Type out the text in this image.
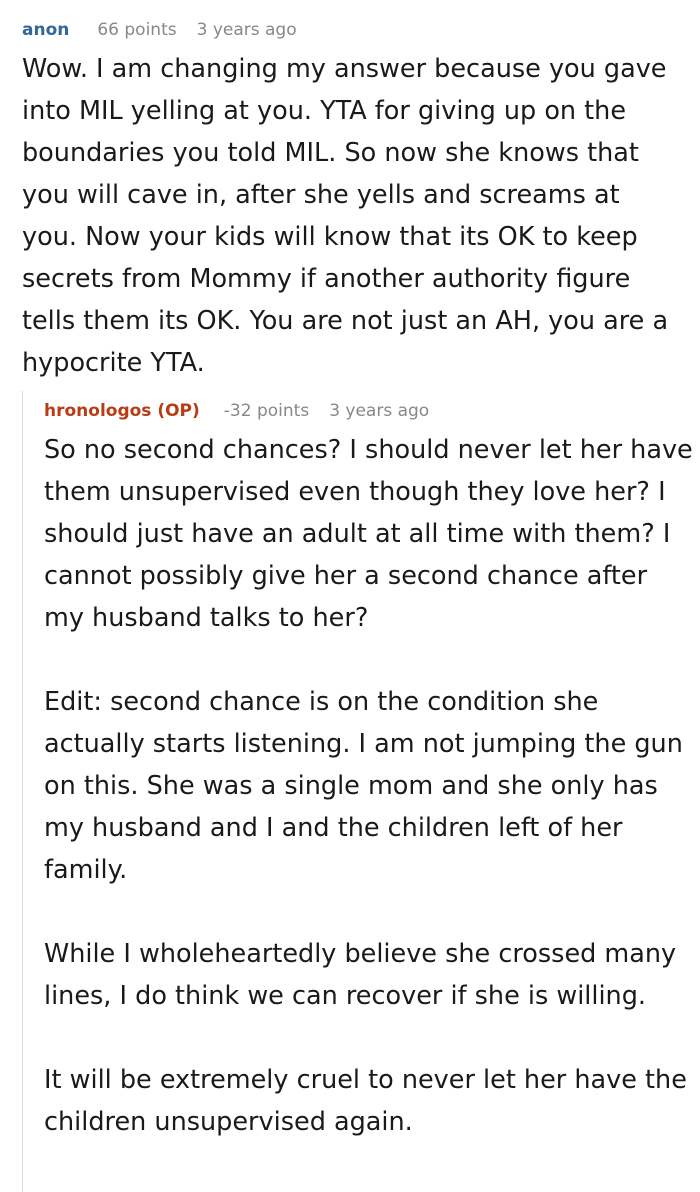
anon 66 points 3 years ago

Wow. I am changing my answer because you gave into MIL yelling at you. YTA for giving up on the boundaries you told MIL. So now she knows that you will cave in, after she yells and screams at you. Now your kids will know that its OK to keep secrets from Mommy if another authority figure tells them its OK. You are not just an AH, you are a hypocrite YTA.

hronologos (OP) -32 points 3 years ago

So no second chances? I should never let her have them unsupervised even though they love her? I should just have an adult at all time with them? I cannot possibly give her a second chance after my husband talks to her?

Edit: second chance is on the condition she actually starts listening. I am not jumping the gun on this. She was a single mom and she only has my husband and I and the children left of her family.

While I wholeheartedly believe she crossed many lines, I do think we can recover if she is willing.

It will be extremely cruel to never let her have the children unsupervised again.
